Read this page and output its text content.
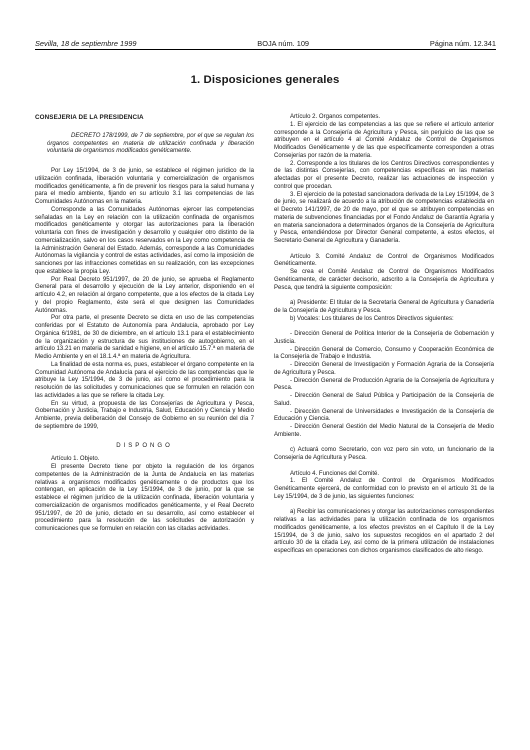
Sevilla, 18 de septiembre 1999	BOJA núm. 109	Página núm. 12.341
1. Disposiciones generales

CONSEJERIA DE LA PRESIDENCIA

DECRETO 178/1999, de 7 de septiembre, por el que se regulan los órganos competentes en materia de utilización confinada y liberación voluntaria de organismos modificados genéticamente.

Por Ley 15/1994, de 3 de junio, se establece el régimen jurídico de la utilización confinada, liberación voluntaria y comercialización de organismos modificados genéticamente, a fin de prevenir los riesgos para la salud humana y para el medio ambiente, fijando en su artículo 3.1 las competencias de las Comunidades Autónomas en la materia.

Corresponde a las Comunidades Autónomas ejercer las competencias señaladas en la Ley en relación con la utilización confinada de organismos modificados genéticamente y otorgar las autorizaciones para la liberación voluntaria con fines de investigación y desarrollo y cualquier otro distinto de la comercialización, salvo en los casos reservados en la Ley como competencia de la Administración General del Estado. Además, corresponde a las Comunidades Autónomas la vigilancia y control de estas actividades, así como la imposición de sanciones por las infracciones cometidas en su realización, con las excepciones que establece la propia Ley.

Por Real Decreto 951/1997, de 20 de junio, se aprueba el Reglamento General para el desarrollo y ejecución de la Ley anterior, disponiendo en el artículo 4.2, en relación al órgano competente, que a los efectos de la citada Ley y del propio Reglamento, éste será el que designen las Comunidades Autónomas.

Por otra parte, el presente Decreto se dicta en uso de las competencias conferidas por el Estatuto de Autonomía para Andalucía, aprobado por Ley Orgánica 6/1981, de 30 de diciembre, en el artículo 13.1 para el establecimiento de la organización y estructura de sus instituciones de autogobierno, en el artículo 13.21 en materia de sanidad e higiene, en el artículo 15.7.ª en materia de Medio Ambiente y en el 18.1.4.ª en materia de Agricultura.

La finalidad de esta norma es, pues, establecer el órgano competente en la Comunidad Autónoma de Andalucía para el ejercicio de las competencias que le atribuye la Ley 15/1994, de 3 de junio, así como el procedimiento para la resolución de las solicitudes y comunicaciones que se formulen en relación con las actividades a las que se refiere la citada Ley.

En su virtud, a propuesta de las Consejerías de Agricultura y Pesca, Gobernación y Justicia, Trabajo e Industria, Salud, Educación y Ciencia y Medio Ambiente, previa deliberación del Consejo de Gobierno en su reunión del día 7 de septiembre de 1999,

DISPONGO

Artículo 1. Objeto.

El presente Decreto tiene por objeto la regulación de los órganos competentes de la Administración de la Junta de Andalucía en las materias relativas a organismos modificados genéticamente o de productos que los contengan, en aplicación de la Ley 15/1994, de 3 de junio, por la que se establece el régimen jurídico de la utilización confinada, liberación voluntaria y comercialización de organismos modificados genéticamente, y el Real Decreto 951/1997, de 20 de junio, dictado en su desarrollo, así como establecer el procedimiento para la resolución de las solicitudes de autorización y comunicaciones que se formulen en relación con las citadas actividades.

Artículo 2. Organos competentes.

1. El ejercicio de las competencias a las que se refiere el artículo anterior corresponde a la Consejería de Agricultura y Pesca, sin perjuicio de las que se atribuyen en el artículo 4 al Comité Andaluz de Control de Organismos Modificados Genéticamente y de las que específicamente corresponden a otras Consejerías por razón de la materia.

2. Corresponde a los titulares de los Centros Directivos correspondientes y de las distintas Consejerías, con competencias específicas en las materias afectadas por el presente Decreto, realizar las actuaciones de inspección y control que procedan.

3. El ejercicio de la potestad sancionadora derivada de la Ley 15/1994, de 3 de junio, se realizará de acuerdo a la atribución de competencias establecida en el Decreto 141/1997, de 20 de mayo, por el que se atribuyen competencias en materia de subvenciones financiadas por el Fondo Andaluz de Garantía Agraria y en materia sancionadora a determinados órganos de la Consejería de Agricultura y Pesca, entendiéndose por Director General competente, a estos efectos, el Secretario General de Agricultura y Ganadería.

Artículo 3. Comité Andaluz de Control de Organismos Modificados Genéticamente.

Se crea el Comité Andaluz de Control de Organismos Modificados Genéticamente, de carácter decisorio, adscrito a la Consejería de Agricultura y Pesca, que tendrá la siguiente composición:

a) Presidente: El titular de la Secretaría General de Agricultura y Ganadería de la Consejería de Agricultura y Pesca.

b) Vocales: Los titulares de los Centros Directivos siguientes:

- Dirección General de Política Interior de la Consejería de Gobernación y Justicia.

- Dirección General de Comercio, Consumo y Cooperación Económica de la Consejería de Trabajo e Industria.

- Dirección General de Investigación y Formación Agraria de la Consejería de Agricultura y Pesca.

- Dirección General de Producción Agraria de la Consejería de Agricultura y Pesca.

- Dirección General de Salud Pública y Participación de la Consejería de Salud.

- Dirección General de Universidades e Investigación de la Consejería de Educación y Ciencia.

- Dirección General Gestión del Medio Natural de la Consejería de Medio Ambiente.

c) Actuará como Secretario, con voz pero sin voto, un funcionario de la Consejería de Agricultura y Pesca.

Artículo 4. Funciones del Comité.

1. El Comité Andaluz de Control de Organismos Modificados Genéticamente ejercerá, de conformidad con lo previsto en el artículo 31 de la Ley 15/1994, de 3 de junio, las siguientes funciones:

a) Recibir las comunicaciones y otorgar las autorizaciones correspondientes relativas a las actividades para la utilización confinada de los organismos modificados genéticamente, a los efectos previstos en el Capítulo II de la Ley 15/1994, de 3 de junio, salvo los supuestos recogidos en el apartado 2 del artículo 30 de la citada Ley, así como de la primera utilización de instalaciones específicas en operaciones con dichos organismos clasificados de alto riesgo.
